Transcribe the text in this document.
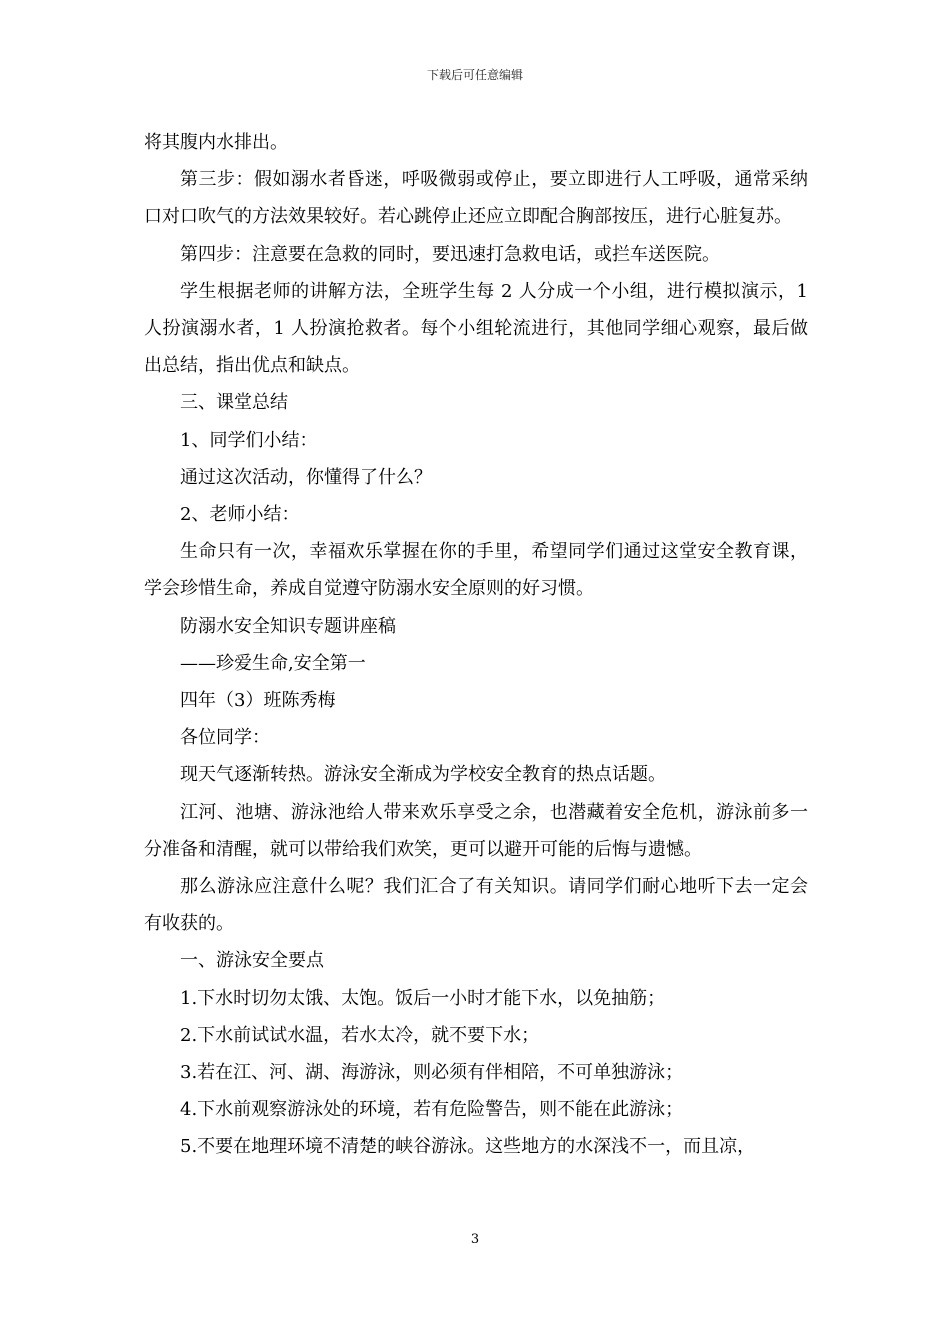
下载后可任意编辑

将其腹内水排出。

第三步：假如溺水者昏迷，呼吸微弱或停止，要立即进行人工呼吸，通常采纳口对口吹气的方法效果较好。若心跳停止还应立即配合胸部按压，进行心脏复苏。

第四步：注意要在急救的同时，要迅速打急救电话，或拦车送医院。

学生根据老师的讲解方法，全班学生每 2 人分成一个小组，进行模拟演示，1 人扮演溺水者，1 人扮演抢救者。每个小组轮流进行，其他同学细心观察，最后做出总结，指出优点和缺点。

三、课堂总结

1、同学们小结：

通过这次活动，你懂得了什么？

2、老师小结：

生命只有一次，幸福欢乐掌握在你的手里，希望同学们通过这堂安全教育课，学会珍惜生命，养成自觉遵守防溺水安全原则的好习惯。

防溺水安全知识专题讲座稿

——珍爱生命,安全第一

四年（3）班陈秀梅

各位同学：

现天气逐渐转热。游泳安全渐成为学校安全教育的热点话题。

江河、池塘、游泳池给人带来欢乐享受之余，也潜藏着安全危机，游泳前多一分准备和清醒，就可以带给我们欢笑，更可以避开可能的后悔与遗憾。

那么游泳应注意什么呢？我们汇合了有关知识。请同学们耐心地听下去一定会有收获的。

一、游泳安全要点

1.下水时切勿太饿、太饱。饭后一小时才能下水，以免抽筋；

2.下水前试试水温，若水太冷，就不要下水；

3.若在江、河、湖、海游泳，则必须有伴相陪，不可单独游泳；

4.下水前观察游泳处的环境，若有危险警告，则不能在此游泳；

5.不要在地理环境不清楚的峡谷游泳。这些地方的水深浅不一，而且凉，

3
